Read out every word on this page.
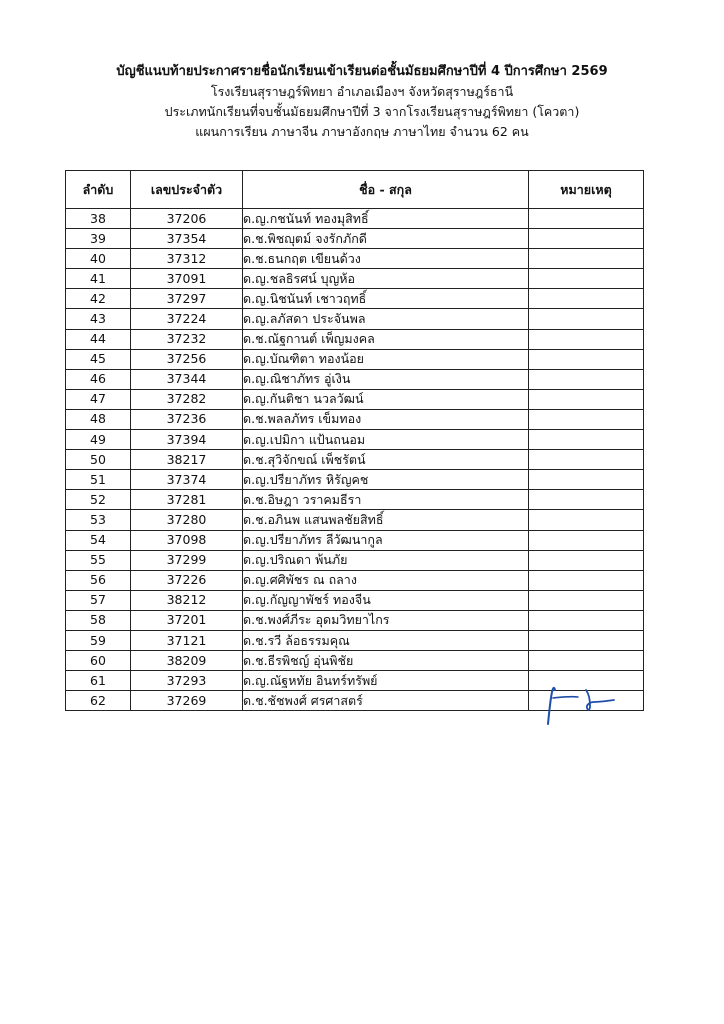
บัญชีแนบท้ายประกาศรายชื่อนักเรียนเข้าเรียนต่อชั้นมัธยมศึกษาปีที่ 4 ปีการศึกษา 2569
โรงเรียนสุราษฎร์พิทยา อำเภอเมืองฯ จังหวัดสุราษฎร์ธานี
ประเภทนักเรียนที่จบชั้นมัธยมศึกษาปีที่ 3 จากโรงเรียนสุราษฎร์พิทยา (โควตา)
แผนการเรียน ภาษาจีน ภาษาอังกฤษ ภาษาไทย จำนวน 62 คน
ลำดับ	เลขประจำตัว	ชื่อ - สกุล	หมายเหตุ
38	37206	ด.ญ.กชนันท์ ทองมุสิทธิ์	
39	37354	ด.ช.พิชญุตม์ จงรักภักดี	
40	37312	ด.ช.ธนกฤต เขียนด้วง	
41	37091	ด.ญ.ชลธิรศน์ บุญห้อ	
42	37297	ด.ญ.นิชนันท์ เชาวฤทธิ์	
43	37224	ด.ญ.ลภัสดา ประจันพล	
44	37232	ด.ช.ณัฐกานต์ เพ็ญมงคล	
45	37256	ด.ญ.บัณฑิตา ทองน้อย	
46	37344	ด.ญ.ณิชาภัทร อู่เงิน	
47	37282	ด.ญ.กันติชา นวลวัฒน์	
48	37236	ด.ช.พลลภัทร เข็มทอง	
49	37394	ด.ญ.เปมิกา แป้นถนอม	
50	38217	ด.ช.สุวิจักขณ์ เพ็ชรัตน์	
51	37374	ด.ญ.ปรียาภัทร หิรัญคช	
52	37281	ด.ช.อิษฎา วราคมธีรา	
53	37280	ด.ช.อภินพ แสนพลชัยสิทธิ์	
54	37098	ด.ญ.ปรียาภัทร ลีวัฒนากูล	
55	37299	ด.ญ.ปริณดา พ้นภัย	
56	37226	ด.ญ.ศศิพัชร ณ ถลาง	
57	38212	ด.ญ.กัญญาพัชร์ ทองจีน	
58	37201	ด.ช.พงศ์ภีระ อุดมวิทยาไกร	
59	37121	ด.ช.รวี ล้อธรรมคุณ	
60	38209	ด.ช.ธีรพิชญ์ อุ่นพิชัย	
61	37293	ด.ญ.ณัฐหทัย อินทร์ทรัพย์	
62	37269	ด.ช.ชัชพงศ์ ศรศาสตร์	
